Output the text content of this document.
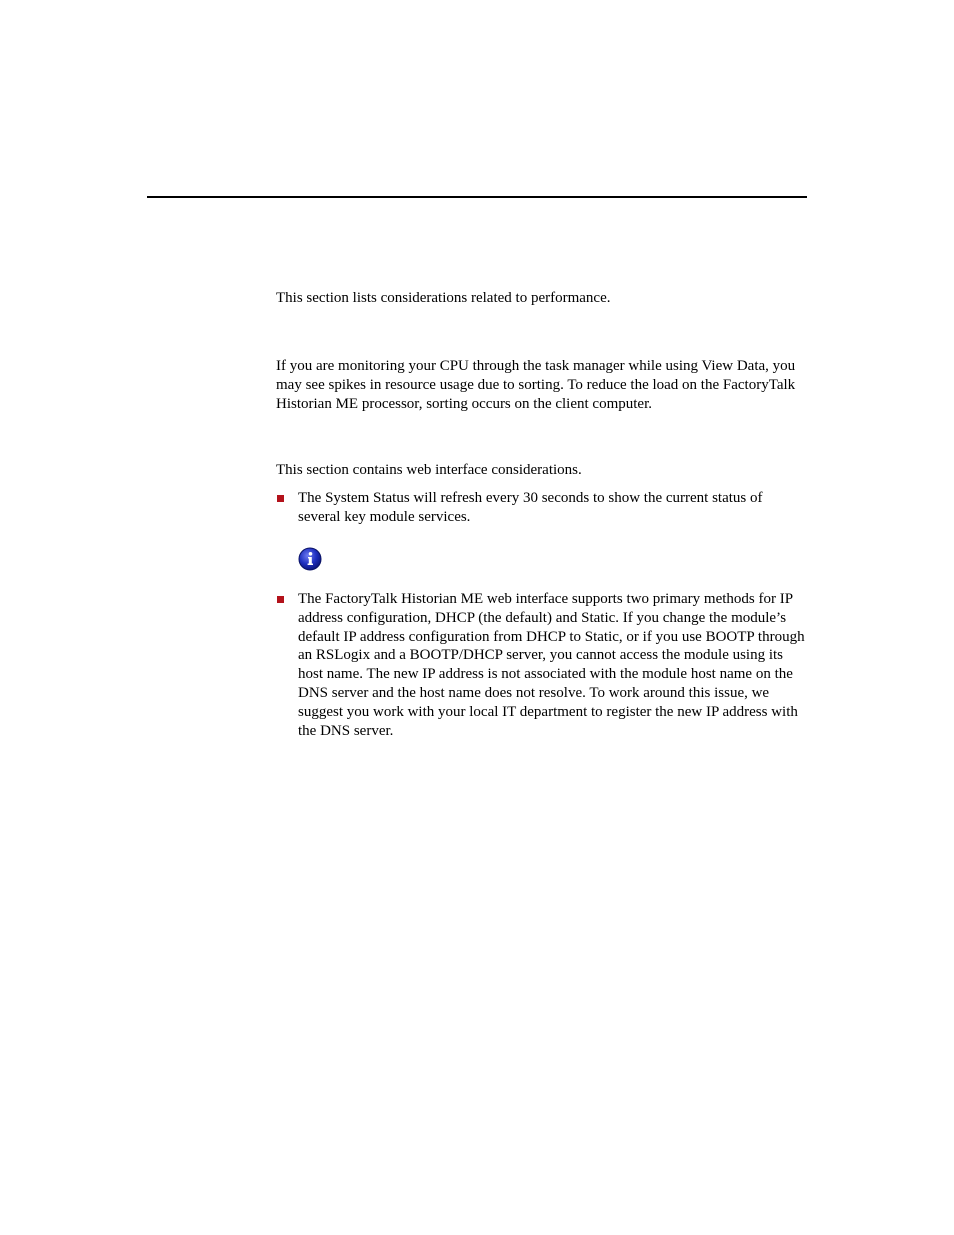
This section lists considerations related to performance.

If you are monitoring your CPU through the task manager while using View Data, you may see spikes in resource usage due to sorting. To reduce the load on the FactoryTalk Historian ME processor, sorting occurs on the client computer.

This section contains web interface considerations.

The System Status will refresh every 30 seconds to show the current status of several key module services.

The FactoryTalk Historian ME web interface supports two primary methods for IP address configuration, DHCP (the default) and Static. If you change the module’s default IP address configuration from DHCP to Static, or if you use BOOTP through an RSLogix and a BOOTP/DHCP server, you cannot access the module using its host name. The new IP address is not associated with the module host name on the DNS server and the host name does not resolve. To work around this issue, we suggest you work with your local IT department to register the new IP address with the DNS server.
